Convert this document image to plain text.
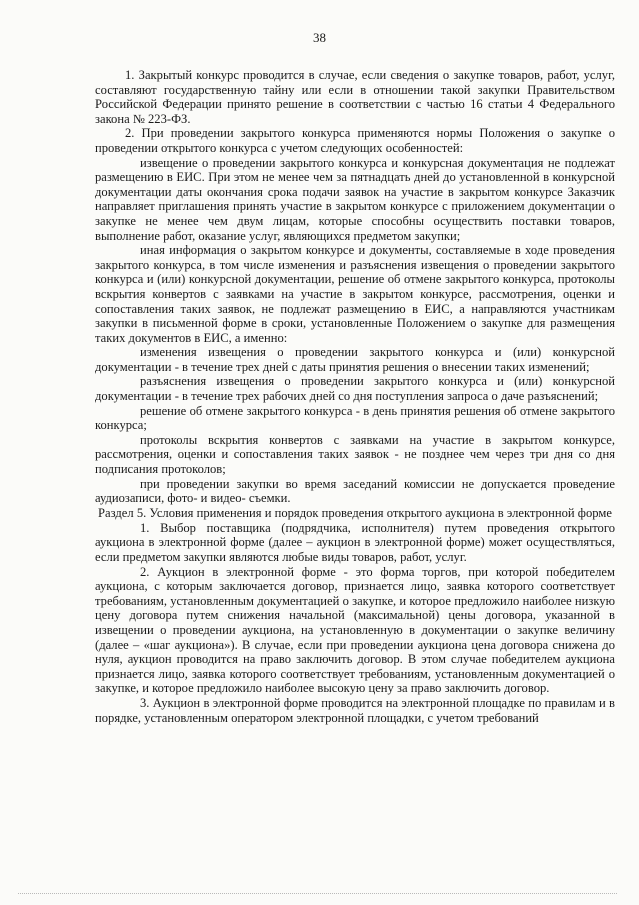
38

1. Закрытый конкурс проводится в случае, если сведения о закупке товаров, работ, услуг, составляют государственную тайну или если в отношении такой закупки Правительством Российской Федерации принято решение в соответствии с частью 16 статьи 4 Федерального закона № 223-ФЗ.

2. При проведении закрытого конкурса применяются нормы Положения о закупке о проведении открытого конкурса с учетом следующих особенностей:

извещение о проведении закрытого конкурса и конкурсная документация не подлежат размещению в ЕИС. При этом не менее чем за пятнадцать дней до установленной в конкурсной документации даты окончания срока подачи заявок на участие в закрытом конкурсе Заказчик направляет приглашения принять участие в закрытом конкурсе с приложением документации о закупке не менее чем двум лицам, которые способны осуществить поставки товаров, выполнение работ, оказание услуг, являющихся предметом закупки;

иная информация о закрытом конкурсе и документы, составляемые в ходе проведения закрытого конкурса, в том числе изменения и разъяснения извещения о проведении закрытого конкурса и (или) конкурсной документации, решение об отмене закрытого конкурса, протоколы вскрытия конвертов с заявками на участие в закрытом конкурсе, рассмотрения, оценки и сопоставления таких заявок, не подлежат размещению в ЕИС, а направляются участникам закупки в письменной форме в сроки, установленные Положением о закупке для размещения таких документов в ЕИС, а именно:

изменения извещения о проведении закрытого конкурса и (или) конкурсной документации - в течение трех дней с даты принятия решения о внесении таких изменений;

разъяснения извещения о проведении закрытого конкурса и (или) конкурсной документации - в течение трех рабочих дней со дня поступления запроса о даче разъяснений;

решение об отмене закрытого конкурса - в день принятия решения об отмене закрытого конкурса;

протоколы вскрытия конвертов с заявками на участие в закрытом конкурсе, рассмотрения, оценки и сопоставления таких заявок - не позднее чем через три дня со дня подписания протоколов;

при проведении закупки во время заседаний комиссии не допускается проведение аудиозаписи, фото- и видео- съемки.

Раздел 5. Условия применения и порядок проведения открытого аукциона в электронной форме

1. Выбор поставщика (подрядчика, исполнителя) путем проведения открытого аукциона в электронной форме (далее – аукцион в электронной форме) может осуществляться, если предметом закупки являются любые виды товаров, работ, услуг.

2. Аукцион в электронной форме - это форма торгов, при которой победителем аукциона, с которым заключается договор, признается лицо, заявка которого соответствует требованиям, установленным документацией о закупке, и которое предложило наиболее низкую цену договора путем снижения начальной (максимальной) цены договора, указанной в извещении о проведении аукциона, на установленную в документации о закупке величину (далее – «шаг аукциона»). В случае, если при проведении аукциона цена договора снижена до нуля, аукцион проводится на право заключить договор. В этом случае победителем аукциона признается лицо, заявка которого соответствует требованиям, установленным документацией о закупке, и которое предложило наиболее высокую цену за право заключить договор.

3. Аукцион в электронной форме проводится на электронной площадке по правилам и в порядке, установленным оператором электронной площадки, с учетом требований
